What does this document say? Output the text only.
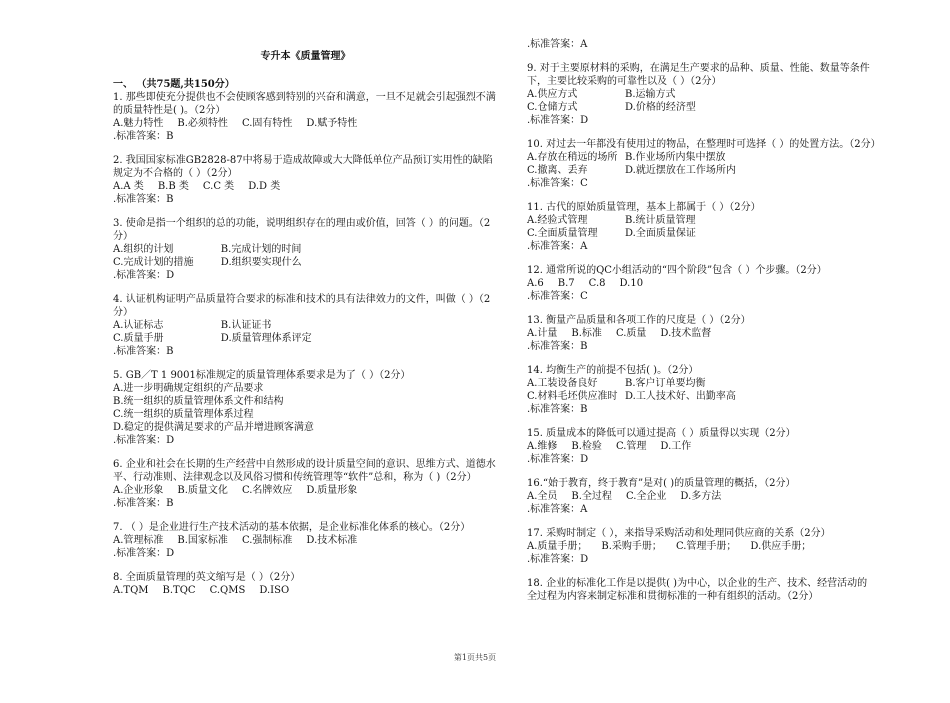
专升本《质量管理》

一、 （共75题,共150分）

1. 那些即使充分提供也不会使顾客感到特别的兴奋和满意，一旦不足就会引起强烈不满的质量特性是( )。（2分）

A.魅力特性 B.必须特性 C.固有特性 D.赋予特性

.标准答案：B

2. 我国国家标准GB2828-87中将易于造成故障或大大降低单位产品预订实用性的缺陷规定为不合格的（ ）（2分）

A.A 类 B.B 类 C.C 类 D.D 类

.标准答案：B

3. 使命是指一个组织的总的功能，说明组织存在的理由或价值，回答（ ）的问题。（2分）

A.组织的计划	B.完成计划的时间
C.完成计划的措施	D.组织要实现什么

.标准答案：D

4. 认证机构证明产品质量符合要求的标准和技术的具有法律效力的文件，叫做（ ）（2分）

A.认证标志	B.认证证书
C.质量手册	D.质量管理体系评定

.标准答案：B

5. GB／T 1 9001标准规定的质量管理体系要求是为了（ ）（2分）

A.进一步明确规定组织的产品要求
B.统一组织的质量管理体系文件和结构
C.统一组织的质量管理体系过程
D.稳定的提供满足要求的产品并增进顾客满意

.标准答案：D

6. 企业和社会在长期的生产经营中自然形成的设计质量空间的意识、思维方式、道德水平、行动准则、法律观念以及风俗习惯和传统管理等“软件”总和，称为（ )（2分）

A.企业形象 B.质量文化 C.名牌效应 D.质量形象

.标准答案：B

7. （ ）是企业进行生产技术活动的基本依据，是企业标准化体系的核心。（2分）

A.管理标准 B.国家标准 C.强制标准 D.技术标准

.标准答案：D

8. 全面质量管理的英文缩写是（ ）（2分）

A.TQM B.TQC C.QMS D.ISO

.标准答案：A

9. 对于主要原材料的采购，在满足生产要求的品种、质量、性能、数量等条件下，主要比较采购的可靠性以及（ ）（2分）

A.供应方式	B.运输方式
C.仓储方式	D.价格的经济型

.标准答案：D

10. 对过去一年都没有使用过的物品，在整理时可选择（ ）的处置方法。（2分）

A.存放在稍远的场所 B.作业场所内集中摆放
C.撤离、丢弃	D.就近摆放在工作场所内

.标准答案：C

11. 古代的原始质量管理，基本上都属于（ ）（2分）

A.经验式管理	B.统计质量管理
C.全面质量管理	D.全面质量保证

.标准答案：A

12. 通常所说的QC小组活动的“四个阶段”包含（ ）个步骤。（2分）

A.6 B.7 C.8 D.10

.标准答案：C

13. 衡量产品质量和各项工作的尺度是（ ）（2分）

A.计量 B.标准 C.质量 D.技术监督

.标准答案：B

14. 均衡生产的前提不包括( )。（2分）

A.工装设备良好	B.客户订单要均衡
C.材料毛坯供应准时 D.工人技术好、出勤率高

.标准答案：B

15. 质量成本的降低可以通过提高（ ）质量得以实现（2分）

A.维修 B.检验 C.管理 D.工作

.标准答案：D

16.“始于教育，终于教育”是对( )的质量管理的概括，（2分）

A.全员 B.全过程 C.全企业 D.多方法

.标准答案：A

17. 采购时制定（ ），来指导采购活动和处理同供应商的关系（2分）

A.质量手册； B.采购手册； C.管理手册； D.供应手册；

.标准答案：D

18. 企业的标准化工作是以提供( )为中心，以企业的生产、技术、经营活动的全过程为内容来制定标准和贯彻标准的一种有组织的活动。（2分）

第1页共5页
